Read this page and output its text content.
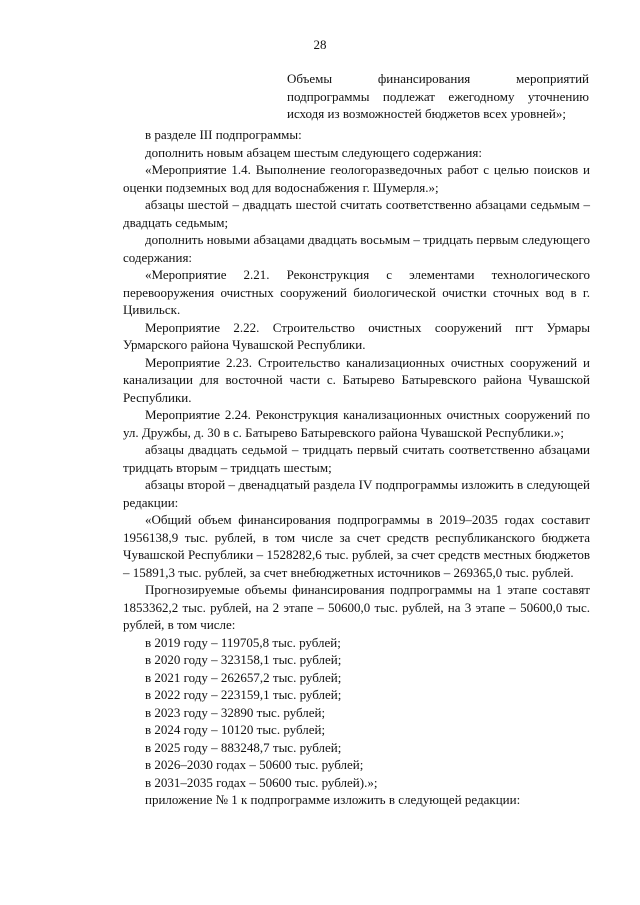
28

Объемы финансирования мероприятий подпрограммы подлежат ежегодному уточнению исходя из возможностей бюджетов всех уровней»;

в разделе III подпрограммы:

дополнить новым абзацем шестым следующего содержания:

«Мероприятие 1.4. Выполнение геологоразведочных работ с целью поисков и оценки подземных вод для водоснабжения г. Шумерля.»;

абзацы шестой – двадцать шестой считать соответственно абзацами седьмым – двадцать седьмым;

дополнить новыми абзацами двадцать восьмым – тридцать первым следующего содержания:

«Мероприятие 2.21. Реконструкция с элементами технологического перевооружения очистных сооружений биологической очистки сточных вод в г. Цивильск.

Мероприятие 2.22. Строительство очистных сооружений пгт Урмары Урмарского района Чувашской Республики.

Мероприятие 2.23. Строительство канализационных очистных сооружений и канализации для восточной части с. Батырево Батыревского района Чувашской Республики.

Мероприятие 2.24. Реконструкция канализационных очистных сооружений по ул. Дружбы, д. 30 в с. Батырево Батыревского района Чувашской Республики.»;

абзацы двадцать седьмой – тридцать первый считать соответственно абзацами тридцать вторым – тридцать шестым;

абзацы второй – двенадцатый раздела IV подпрограммы изложить в следующей редакции:

«Общий объем финансирования подпрограммы в 2019–2035 годах составит 1956138,9 тыс. рублей, в том числе за счет средств республиканского бюджета Чувашской Республики – 1528282,6 тыс. рублей, за счет средств местных бюджетов – 15891,3 тыс. рублей, за счет внебюджетных источников – 269365,0 тыс. рублей.

Прогнозируемые объемы финансирования подпрограммы на 1 этапе составят 1853362,2 тыс. рублей, на 2 этапе – 50600,0 тыс. рублей, на 3 этапе – 50600,0 тыс. рублей, в том числе:

в 2019 году – 119705,8 тыс. рублей;

в 2020 году – 323158,1 тыс. рублей;

в 2021 году – 262657,2 тыс. рублей;

в 2022 году – 223159,1 тыс. рублей;

в 2023 году – 32890 тыс. рублей;

в 2024 году – 10120 тыс. рублей;

в 2025 году – 883248,7 тыс. рублей;

в 2026–2030 годах – 50600 тыс. рублей;

в 2031–2035 годах – 50600 тыс. рублей).»;

приложение № 1 к подпрограмме изложить в следующей редакции:
